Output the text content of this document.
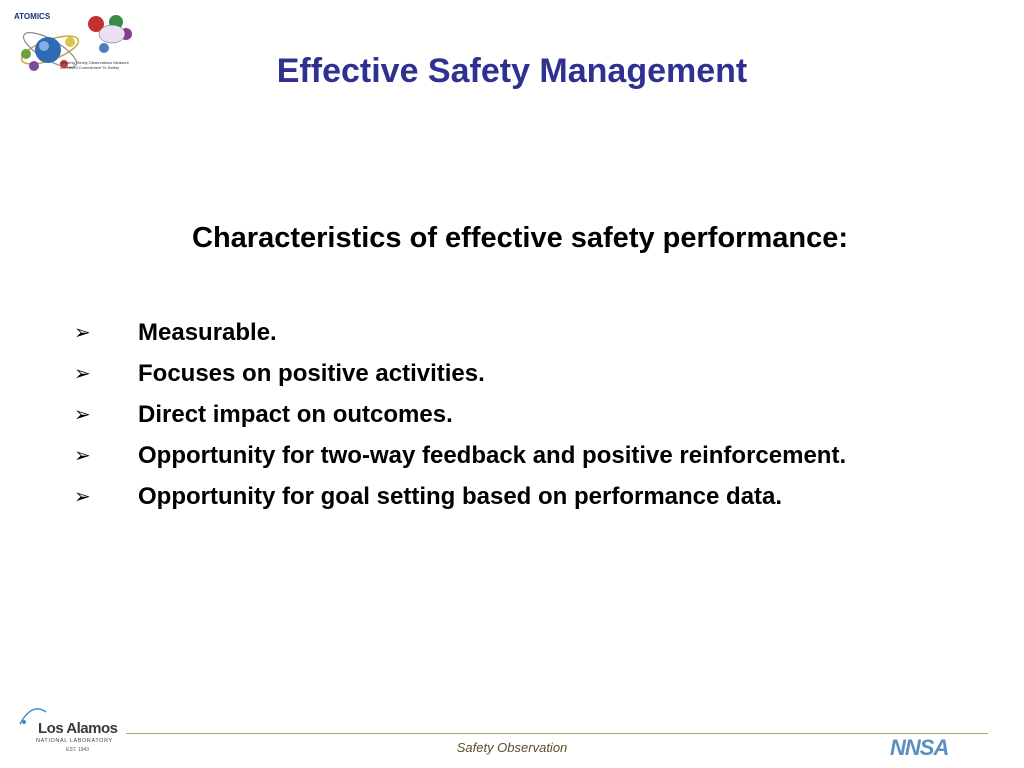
ATOMICS
Allowing Timely Observations Measure Increased Commitment To Safety	Effective Safety Management
Characteristics of effective safety performance:
➢ Measurable.
➢ Focuses on positive activities.
➢ Direct impact on outcomes.
➢ Opportunity for two-way feedback and positive reinforcement.
➢ Opportunity for goal setting based on performance data.
Los Alamos
NATIONAL LABORATORY
EST. 1943	Safety Observation	NNSA
